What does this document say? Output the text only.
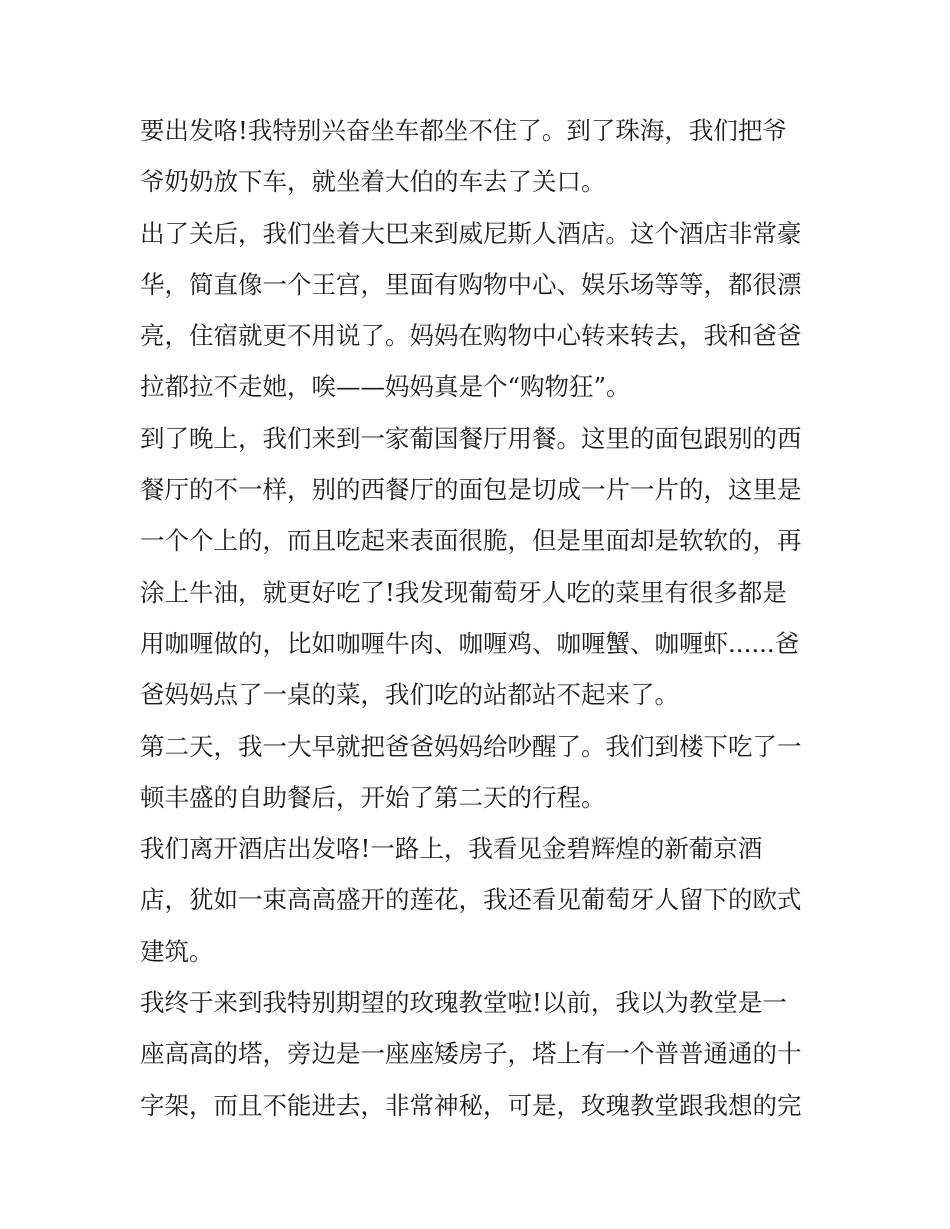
要出发咯!我特别兴奋坐车都坐不住了。到了珠海，我们把爷
爷奶奶放下车，就坐着大伯的车去了关口。
出了关后，我们坐着大巴来到威尼斯人酒店。这个酒店非常豪
华，简直像一个王宫，里面有购物中心、娱乐场等等，都很漂
亮，住宿就更不用说了。妈妈在购物中心转来转去，我和爸爸
拉都拉不走她，唉——妈妈真是个“购物狂”。
到了晚上，我们来到一家葡国餐厅用餐。这里的面包跟别的西
餐厅的不一样，别的西餐厅的面包是切成一片一片的，这里是
一个个上的，而且吃起来表面很脆，但是里面却是软软的，再
涂上牛油，就更好吃了!我发现葡萄牙人吃的菜里有很多都是
用咖喱做的，比如咖喱牛肉、咖喱鸡、咖喱蟹、咖喱虾......爸
爸妈妈点了一桌的菜，我们吃的站都站不起来了。
第二天，我一大早就把爸爸妈妈给吵醒了。我们到楼下吃了一
顿丰盛的自助餐后，开始了第二天的行程。
我们离开酒店出发咯!一路上，我看见金碧辉煌的新葡京酒
店，犹如一束高高盛开的莲花，我还看见葡萄牙人留下的欧式
建筑。
我终于来到我特别期望的玫瑰教堂啦!以前，我以为教堂是一
座高高的塔，旁边是一座座矮房子，塔上有一个普普通通的十
字架，而且不能进去，非常神秘，可是，玫瑰教堂跟我想的完
